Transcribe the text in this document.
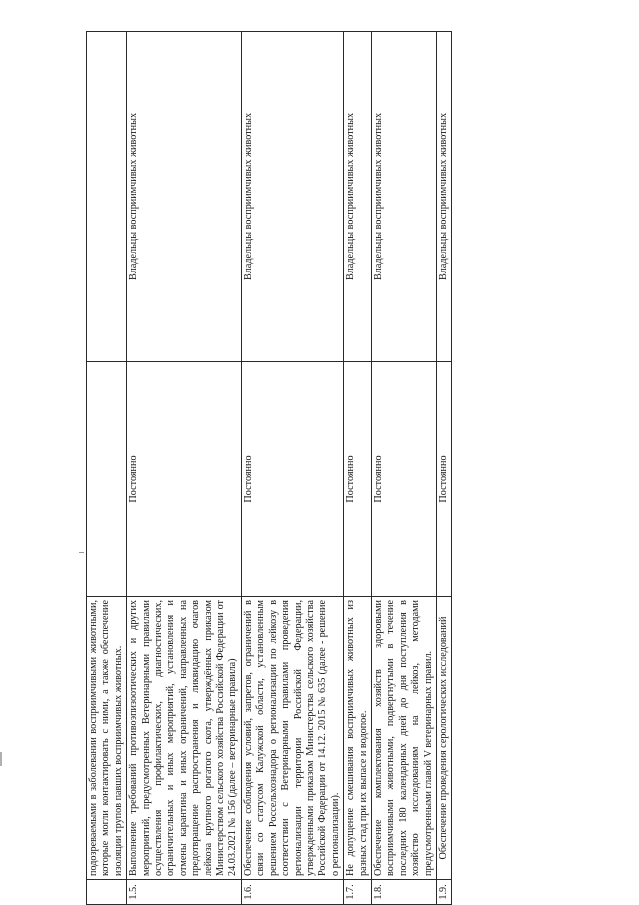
	подозреваемыми в заболевании восприимчивыми животными, которые могли контактировать с ними, а также обеспечение изоляции трупов павших восприимчивых животных.		
1.5.	Выполнение требований противоэпизоотических и других мероприятий, предусмотренных Ветеринарными правилами осуществления профилактических, диагностических, ограничительных и иных мероприятий, установления и отмены карантина и иных ограничений, направленных на предотвращение распространения и ликвидацию очагов лейкоза крупного рогатого скота, утверждённых приказом Министерством сельского хозяйства Российской Федерации от 24.03.2021 № 156 (далее – ветеринарные правила)	Постоянно	Владельцы восприимчивых животных
1.6.	Обеспечение соблюдения условий, запретов, ограничений в связи со статусом Калужской области, установленным решением Россельхознадора о регионализации по лейкозу в соответствии с Ветеринарными правилами проведения регионализации территории Российской Федерации, утвержденными приказом Министерства сельского хозяйства Российской Федерации от 14.12. 2015 № 635 (далее - решение о регионализации).	Постоянно	Владельцы восприимчивых животных
1.7.	Не допущение смешивания восприимчивых животных из разных стад при их выпасе и водопое.	Постоянно	Владельцы восприимчивых животных
1.8.	Обеспечение комплектования хозяйств здоровыми восприимчивыми животными, подвергнутыми в течение последних 180 календарных дней до дня поступления в хозяйство исследованиям на лейкоз, методами предусмотренными главой V ветеринарных правил.	Постоянно	Владельцы восприимчивых животных
1.9.	Обеспечение проведения серологических исследований	Постоянно	Владельцы восприимчивых животных
